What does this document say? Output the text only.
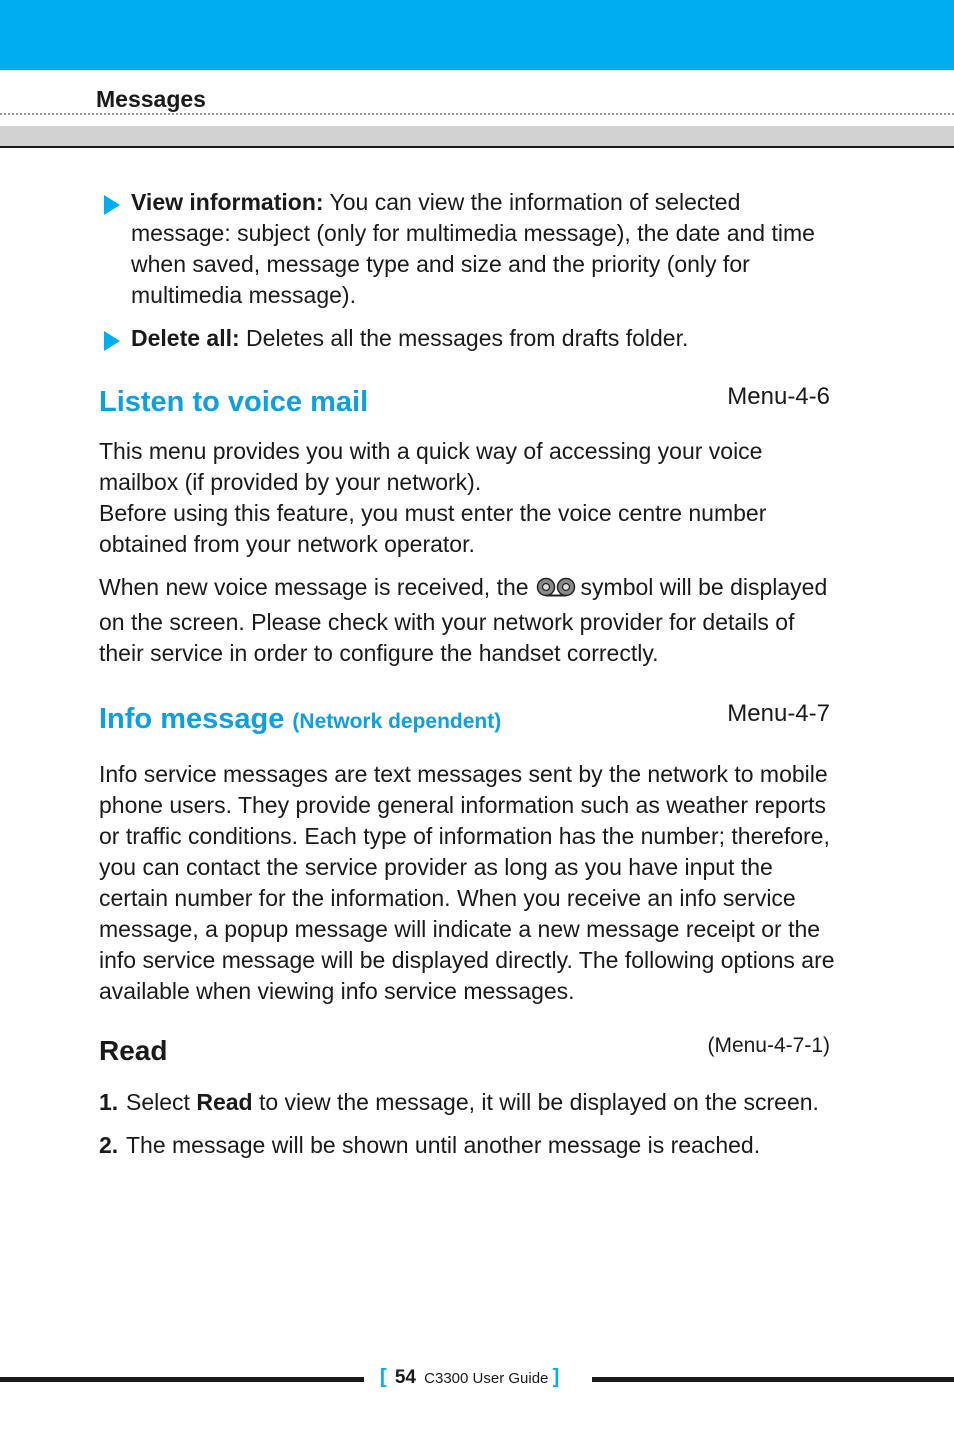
Messages

View information: You can view the information of selected message: subject (only for multimedia message), the date and time when saved, message type and size and the priority (only for multimedia message).

Delete all: Deletes all the messages from drafts folder.

Listen to voice mail	Menu-4-6

This menu provides you with a quick way of accessing your voice mailbox (if provided by your network).
Before using this feature, you must enter the voice centre number obtained from your network operator.

When new voice message is received, the symbol will be displayed on the screen. Please check with your network provider for details of their service in order to configure the handset correctly.

Info message (Network dependent)	Menu-4-7

Info service messages are text messages sent by the network to mobile phone users. They provide general information such as weather reports or traffic conditions. Each type of information has the number; therefore, you can contact the service provider as long as you have input the certain number for the information. When you receive an info service message, a popup message will indicate a new message receipt or the info service message will be displayed directly. The following options are available when viewing info service messages.

Read	(Menu-4-7-1)

1. Select Read to view the message, it will be displayed on the screen.

2. The message will be shown until another message is reached.

[ 54 C3300 User Guide ]
